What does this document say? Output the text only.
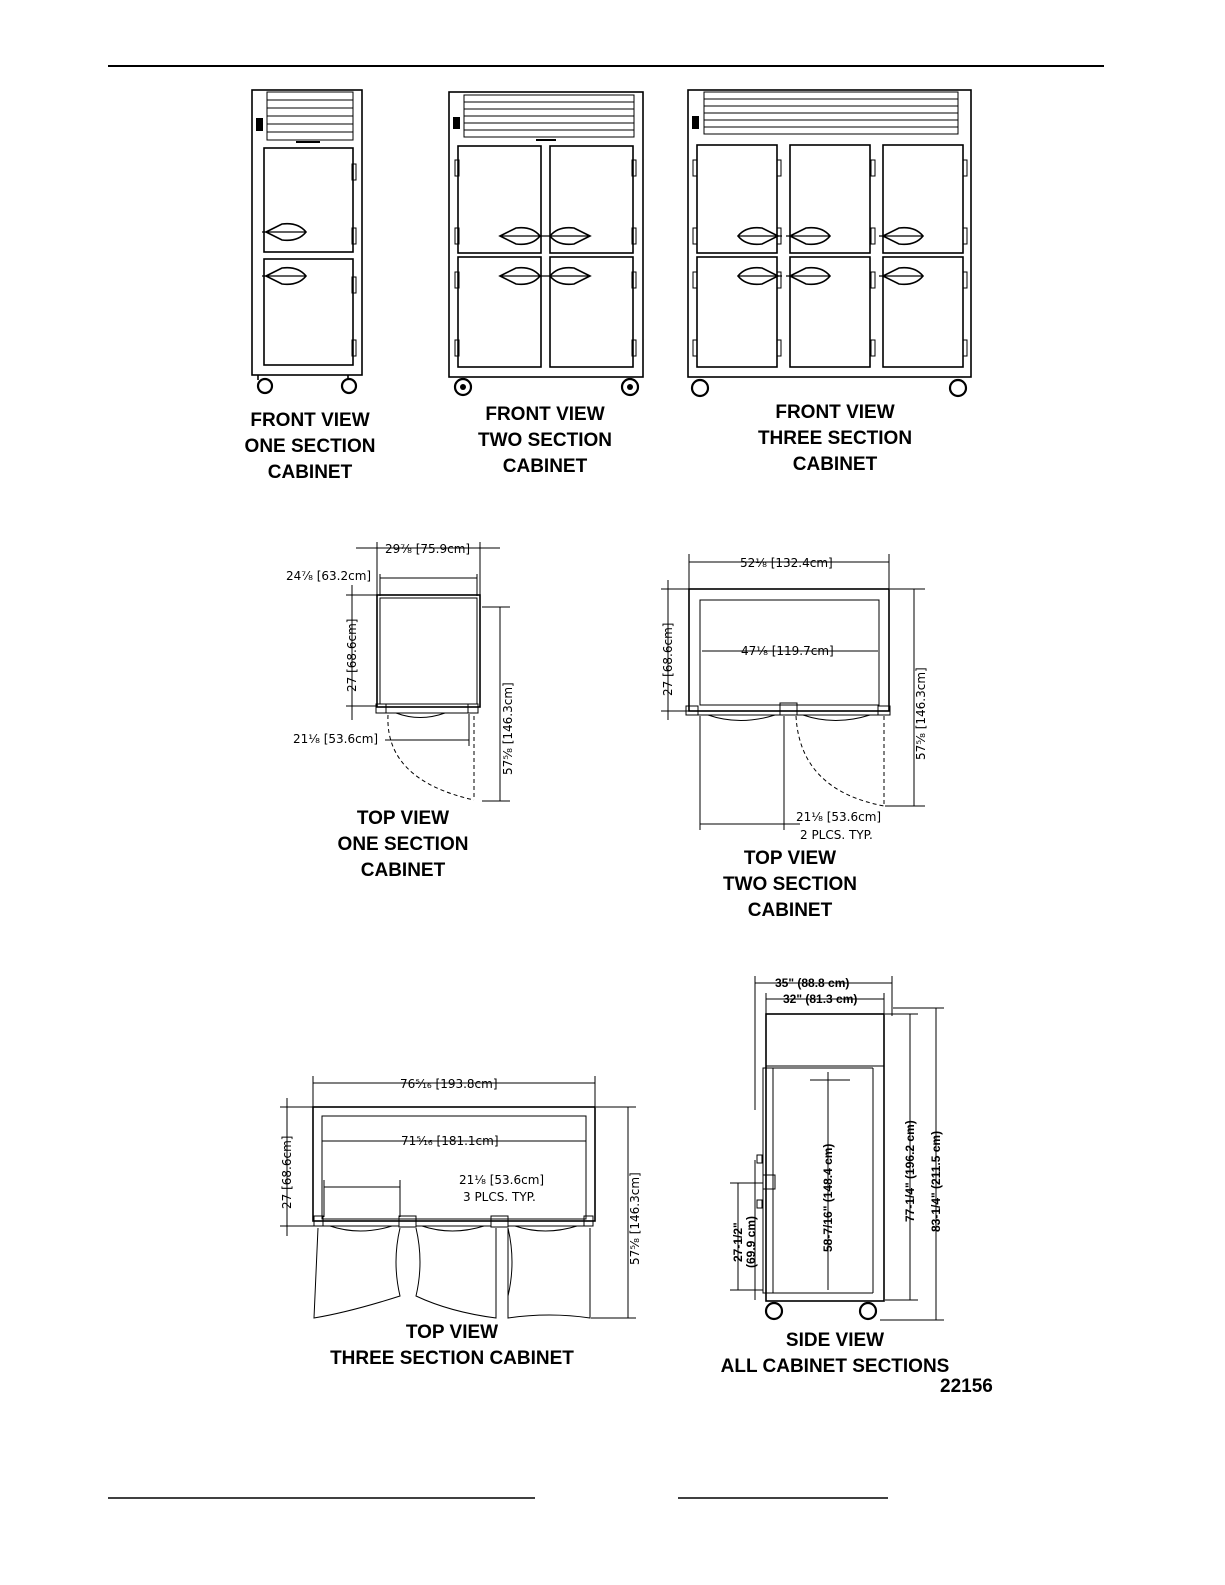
29⁷⁄₈ [75.9cm]
24⁷⁄₈ [63.2cm]
27 [68.6cm]
21¹⁄₈ [53.6cm]	57⁵⁄₈ [146.3cm]
52¹⁄₈ [132.4cm]
47¹⁄₈ [119.7cm]
27 [68.6cm]
21¹⁄₈ [53.6cm]
2 PLCS. TYP.
57⁵⁄₈ [146.3cm]
76⁵⁄₁₆ [193.8cm]
71⁵⁄₁₆ [181.1cm]
21¹⁄₈ [53.6cm]
3 PLCS. TYP.
27 [68.6cm]
57⁵⁄₈ [146.3cm]
35" (88.8 cm)
32" (81.3 cm)
58-7/16" (148.4 cm)	77-1/4" (196.2 cm) 83-1/4" (211.5 cm)
27-1/2" (69.9 cm)
FRONT VIEW
ONE SECTION
CABINET
FRONT VIEW
TWO SECTION
CABINET
FRONT VIEW
THREE SECTION
CABINET
TOP VIEW
ONE SECTION
CABINET
TOP VIEW
TWO SECTION
CABINET
TOP VIEW
THREE SECTION CABINET
SIDE VIEW
ALL CABINET SECTIONS
22156
